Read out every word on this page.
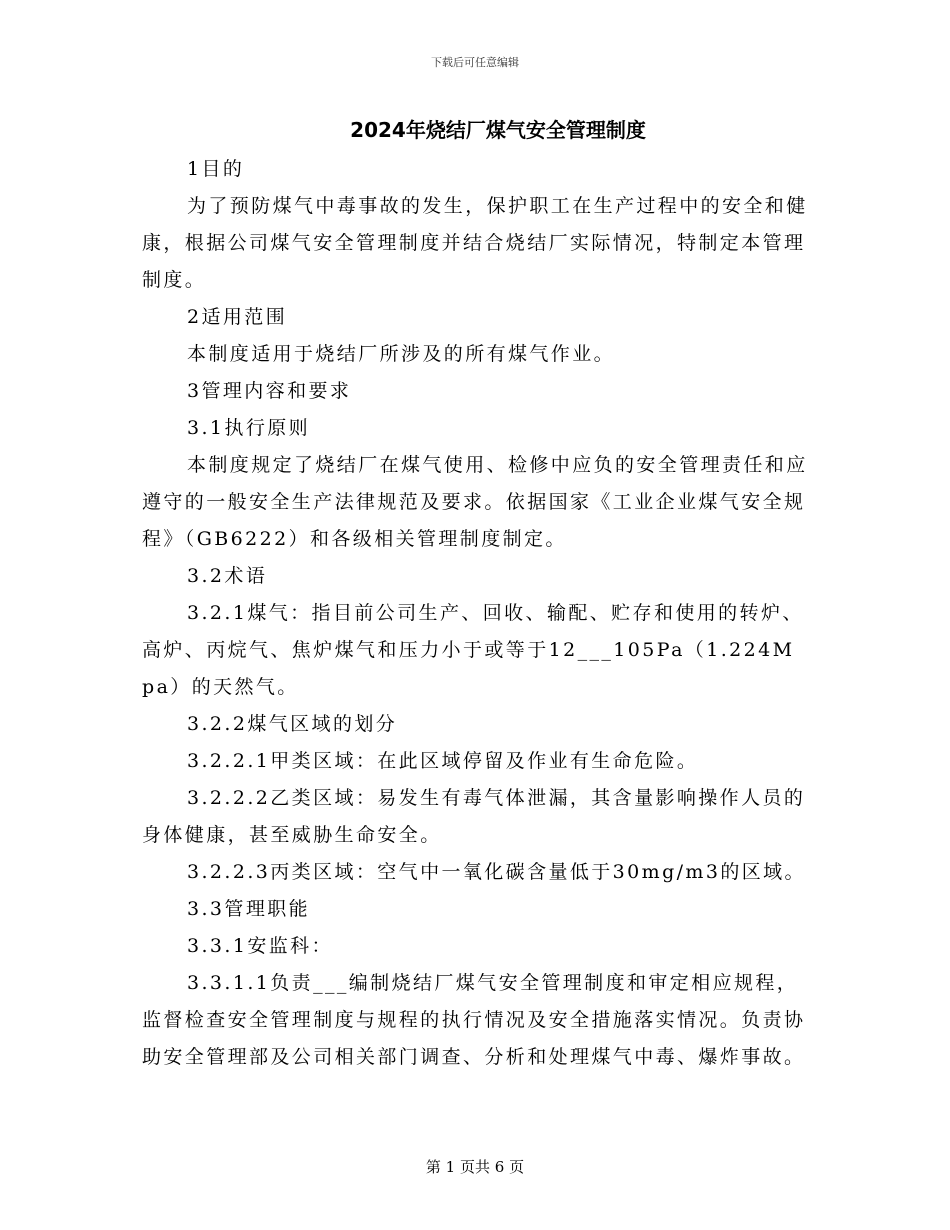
下载后可任意编辑
2024年烧结厂煤气安全管理制度

1目的

为了预防煤气中毒事故的发生，保护职工在生产过程中的安全和健康，根据公司煤气安全管理制度并结合烧结厂实际情况，特制定本管理制度。

2适用范围

本制度适用于烧结厂所涉及的所有煤气作业。

3管理内容和要求

3.1执行原则

本制度规定了烧结厂在煤气使用、检修中应负的安全管理责任和应遵守的一般安全生产法律规范及要求。依据国家《工业企业煤气安全规程》（GB6222）和各级相关管理制度制定。

3.2术语

3.2.1煤气：指目前公司生产、回收、输配、贮存和使用的转炉、高炉、丙烷气、焦炉煤气和压力小于或等于12___105Pa（1.224Mpa）的天然气。

3.2.2煤气区域的划分

3.2.2.1甲类区域：在此区域停留及作业有生命危险。

3.2.2.2乙类区域：易发生有毒气体泄漏，其含量影响操作人员的身体健康，甚至威胁生命安全。

3.2.2.3丙类区域：空气中一氧化碳含量低于30mg/m3的区域。

3.3管理职能

3.3.1安监科：

3.3.1.1负责___编制烧结厂煤气安全管理制度和审定相应规程，监督检查安全管理制度与规程的执行情况及安全措施落实情况。负责协助安全管理部及公司相关部门调查、分析和处理煤气中毒、爆炸事故。

第 1 页共 6 页
